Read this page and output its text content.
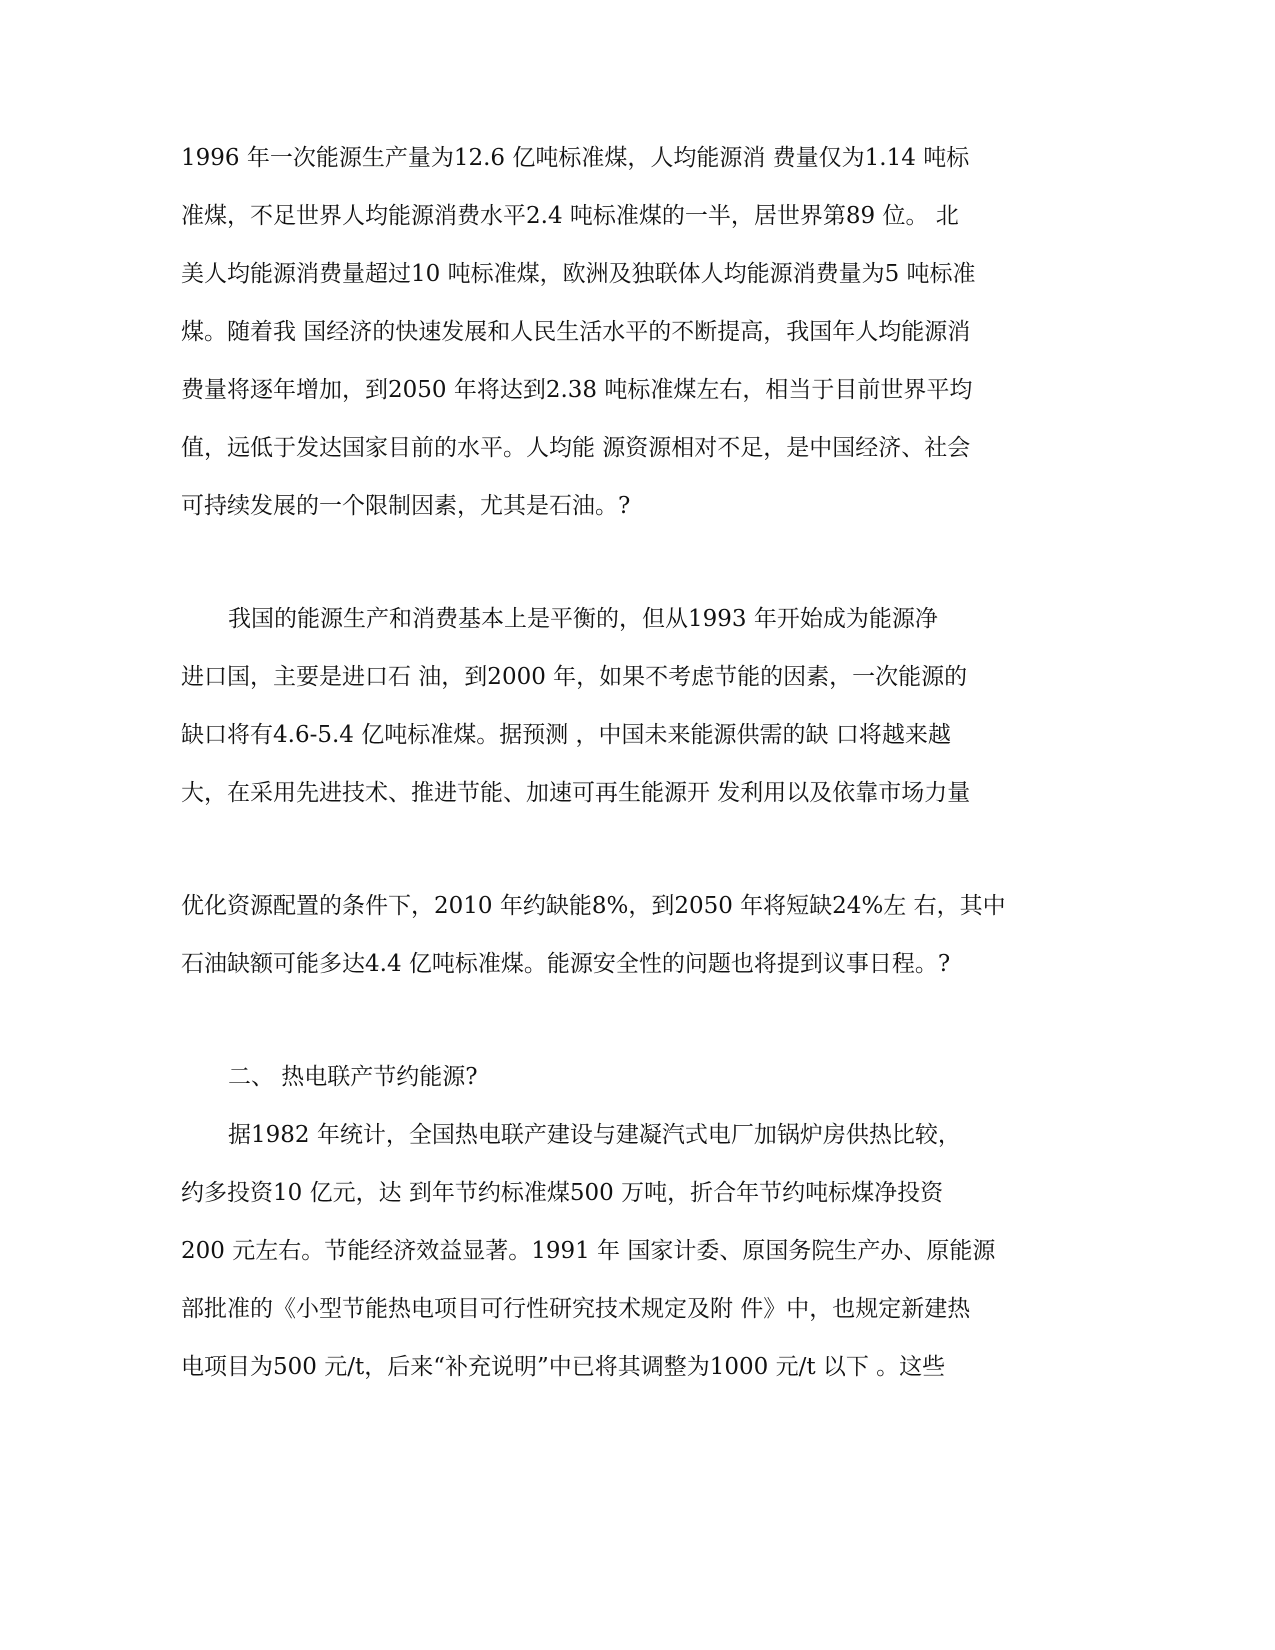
1996 年一次能源生产量为12.6 亿吨标准煤，人均能源消 费量仅为1.14 吨标
准煤，不足世界人均能源消费水平2.4 吨标准煤的一半，居世界第89 位。 北
美人均能源消费量超过10 吨标准煤，欧洲及独联体人均能源消费量为5 吨标准
煤。随着我 国经济的快速发展和人民生活水平的不断提高，我国年人均能源消
费量将逐年增加，到2050 年将达到2.38 吨标准煤左右，相当于目前世界平均
值，远低于发达国家目前的水平。人均能 源资源相对不足，是中国经济、社会
可持续发展的一个限制因素，尤其是石油。?
我国的能源生产和消费基本上是平衡的，但从1993 年开始成为能源净
进口国，主要是进口石 油，到2000 年，如果不考虑节能的因素，一次能源的
缺口将有4.6-5.4 亿吨标准煤。据预测 ，中国未来能源供需的缺 口将越来越
大，在采用先进技术、推进节能、加速可再生能源开 发利用以及依靠市场力量
优化资源配置的条件下，2010 年约缺能8%，到2050 年将短缺24%左 右，其中
石油缺额可能多达4.4 亿吨标准煤。能源安全性的问题也将提到议事日程。?
二、 热电联产节约能源?
据1982 年统计，全国热电联产建设与建凝汽式电厂加锅炉房供热比较，
约多投资10 亿元，达 到年节约标准煤500 万吨，折合年节约吨标煤净投资
200 元左右。节能经济效益显著。1991 年 国家计委、原国务院生产办、原能源
部批准的《小型节能热电项目可行性研究技术规定及附 件》中，也规定新建热
电项目为500 元/t，后来“补充说明”中已将其调整为1000 元/t 以下 。这些
